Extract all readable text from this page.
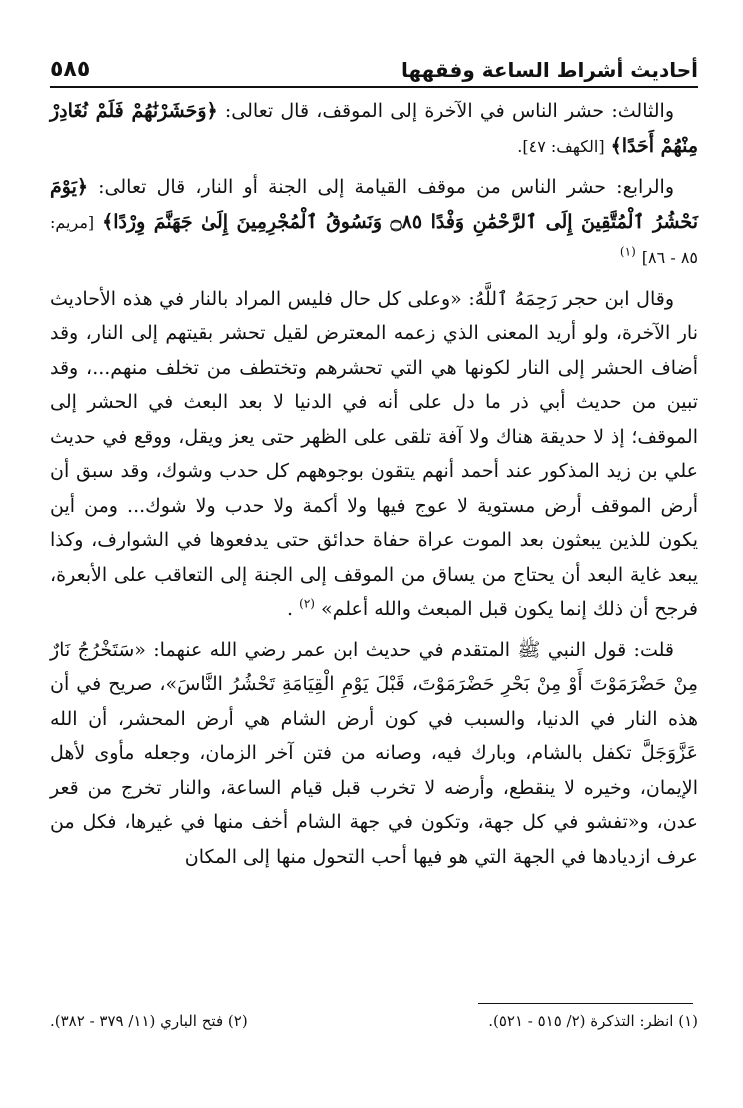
أحاديث أشراط الساعة وفقهها
٥٨٥

والثالث: حشر الناس في الآخرة إلى الموقف، قال تعالى: ﴿وَحَشَرْنَٰهُمْ فَلَمْ نُغَادِرْ مِنْهُمْ أَحَدًا﴾ [الكهف: ٤٧].

والرابع: حشر الناس من موقف القيامة إلى الجنة أو النار، قال تعالى: ﴿يَوْمَ نَحْشُرُ ٱلْمُتَّقِينَ إِلَى ٱلرَّحْمَٰنِ وَفْدًا ۝٨٥ وَنَسُوقُ ٱلْمُجْرِمِينَ إِلَىٰ جَهَنَّمَ وِرْدًا﴾ [مريم: ٨٥ - ٨٦] $^{(١)}$

وقال ابن حجر رَحِمَهُ ٱللَّهُ: «وعلى كل حال فليس المراد بالنار في هذه الأحاديث نار الآخرة، ولو أريد المعنى الذي زعمه المعترض لقيل تحشر بقيتهم إلى النار، وقد أضاف الحشر إلى النار لكونها هي التي تحشرهم وتختطف من تخلف منهم...، وقد تبين من حديث أبي ذر ما دل على أنه في الدنيا لا بعد البعث في الحشر إلى الموقف؛ إذ لا حديقة هناك ولا آفة تلقى على الظهر حتى يعز ويقل، ووقع في حديث علي بن زيد المذكور عند أحمد أنهم يتقون بوجوههم كل حدب وشوك، وقد سبق أن أرض الموقف أرض مستوية لا عوج فيها ولا أكمة ولا حدب ولا شوك... ومن أين يكون للذين يبعثون بعد الموت عراة حفاة حدائق حتى يدفعوها في الشوارف، وكذا يبعد غاية البعد أن يحتاج من يساق من الموقف إلى الجنة إلى التعاقب على الأبعرة، فرجح أن ذلك إنما يكون قبل المبعث والله أعلم» $^{(٢)}$ .

قلت: قول النبي ﷺ المتقدم في حديث ابن عمر رضي الله عنهما: «سَتَخْرُجُ نَارٌ مِنْ حَضْرَمَوْتَ أَوْ مِنْ بَحْرِ حَضْرَمَوْتَ، قَبْلَ يَوْمِ الْقِيَامَةِ تَحْشُرُ النَّاسَ»، صريح في أن هذه النار في الدنيا، والسبب في كون أرض الشام هي أرض المحشر، أن الله عَزَّوَجَلَّ تكفل بالشام، وبارك فيه، وصانه من فتن آخر الزمان، وجعله مأوى لأهل الإيمان، وخيره لا ينقطع، وأرضه لا تخرب قبل قيام الساعة، والنار تخرج من قعر عدن، و«تفشو في كل جهة، وتكون في جهة الشام أخف منها في غيرها، فكل من عرف ازديادها في الجهة التي هو فيها أحب التحول منها إلى المكان

(١) انظر: التذكرة (٢/ ٥١٥ - ٥٢١).
(٢) فتح الباري (١١/ ٣٧٩ - ٣٨٢).
